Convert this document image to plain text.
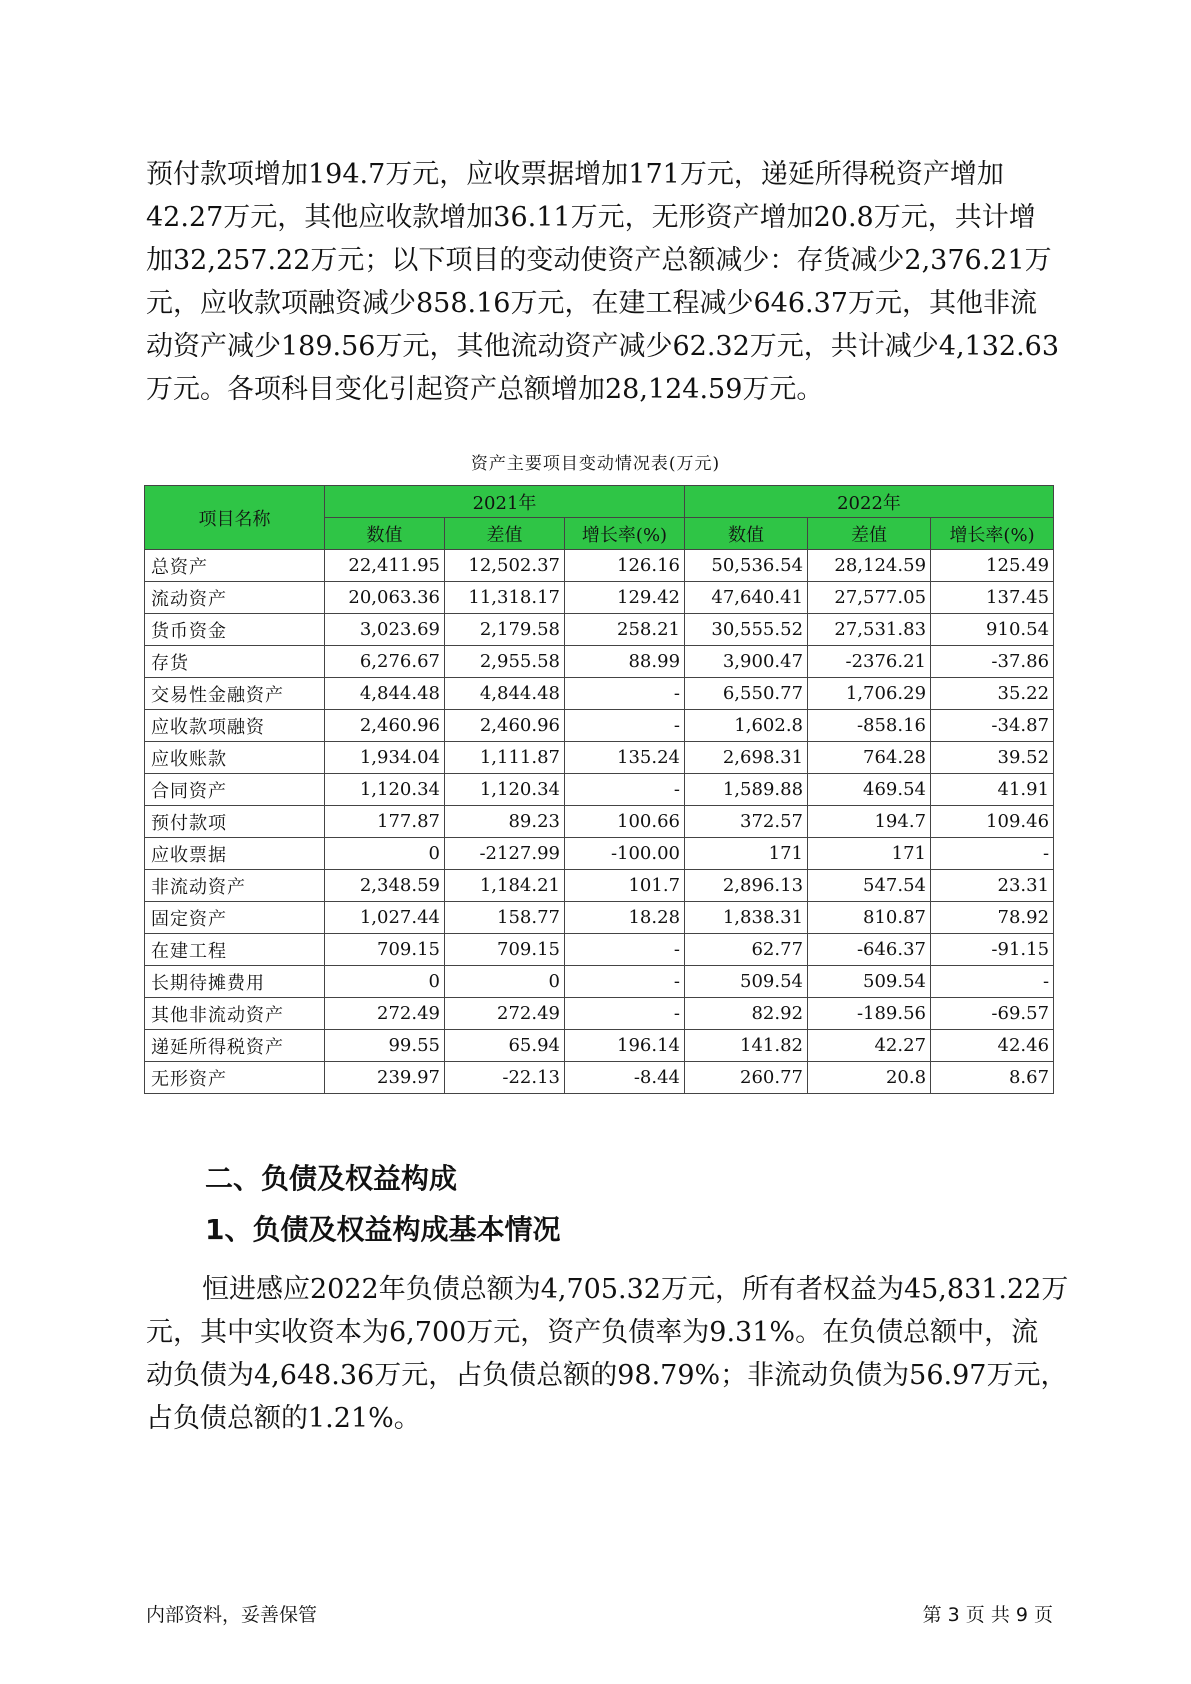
预付款项增加194.7万元，应收票据增加171万元，递延所得税资产增加
42.27万元，其他应收款增加36.11万元，无形资产增加20.8万元，共计增
加32,257.22万元；以下项目的变动使资产总额减少：存货减少2,376.21万
元，应收款项融资减少858.16万元，在建工程减少646.37万元，其他非流
动资产减少189.56万元，其他流动资产减少62.32万元，共计减少4,132.63
万元。各项科目变化引起资产总额增加28,124.59万元。

资产主要项目变动情况表(万元)
项目名称	2021年			2022年		
	数值	差值	增长率(%)	数值	差值	增长率(%)
总资产	22,411.95	12,502.37	126.16	50,536.54	28,124.59	125.49
流动资产	20,063.36	11,318.17	129.42	47,640.41	27,577.05	137.45
货币资金	3,023.69	2,179.58	258.21	30,555.52	27,531.83	910.54
存货	6,276.67	2,955.58	88.99	3,900.47	-2376.21	-37.86
交易性金融资产	4,844.48	4,844.48	-	6,550.77	1,706.29	35.22
应收款项融资	2,460.96	2,460.96	-	1,602.8	-858.16	-34.87
应收账款	1,934.04	1,111.87	135.24	2,698.31	764.28	39.52
合同资产	1,120.34	1,120.34	-	1,589.88	469.54	41.91
预付款项	177.87	89.23	100.66	372.57	194.7	109.46
应收票据	0	-2127.99	-100.00	171	171	-
非流动资产	2,348.59	1,184.21	101.7	2,896.13	547.54	23.31
固定资产	1,027.44	158.77	18.28	1,838.31	810.87	78.92
在建工程	709.15	709.15	-	62.77	-646.37	-91.15
长期待摊费用	0	0	-	509.54	509.54	-
其他非流动资产	272.49	272.49	-	82.92	-189.56	-69.57
递延所得税资产	99.55	65.94	196.14	141.82	42.27	42.46
无形资产	239.97	-22.13	-8.44	260.77	20.8	8.67
二、负债及权益构成
1、负债及权益构成基本情况

恒进感应2022年负债总额为4,705.32万元，所有者权益为45,831.22万
元，其中实收资本为6,700万元，资产负债率为9.31%。在负债总额中，流
动负债为4,648.36万元，占负债总额的98.79%；非流动负债为56.97万元，
占负债总额的1.21%。

内部资料，妥善保管	第 3 页 共 9 页
